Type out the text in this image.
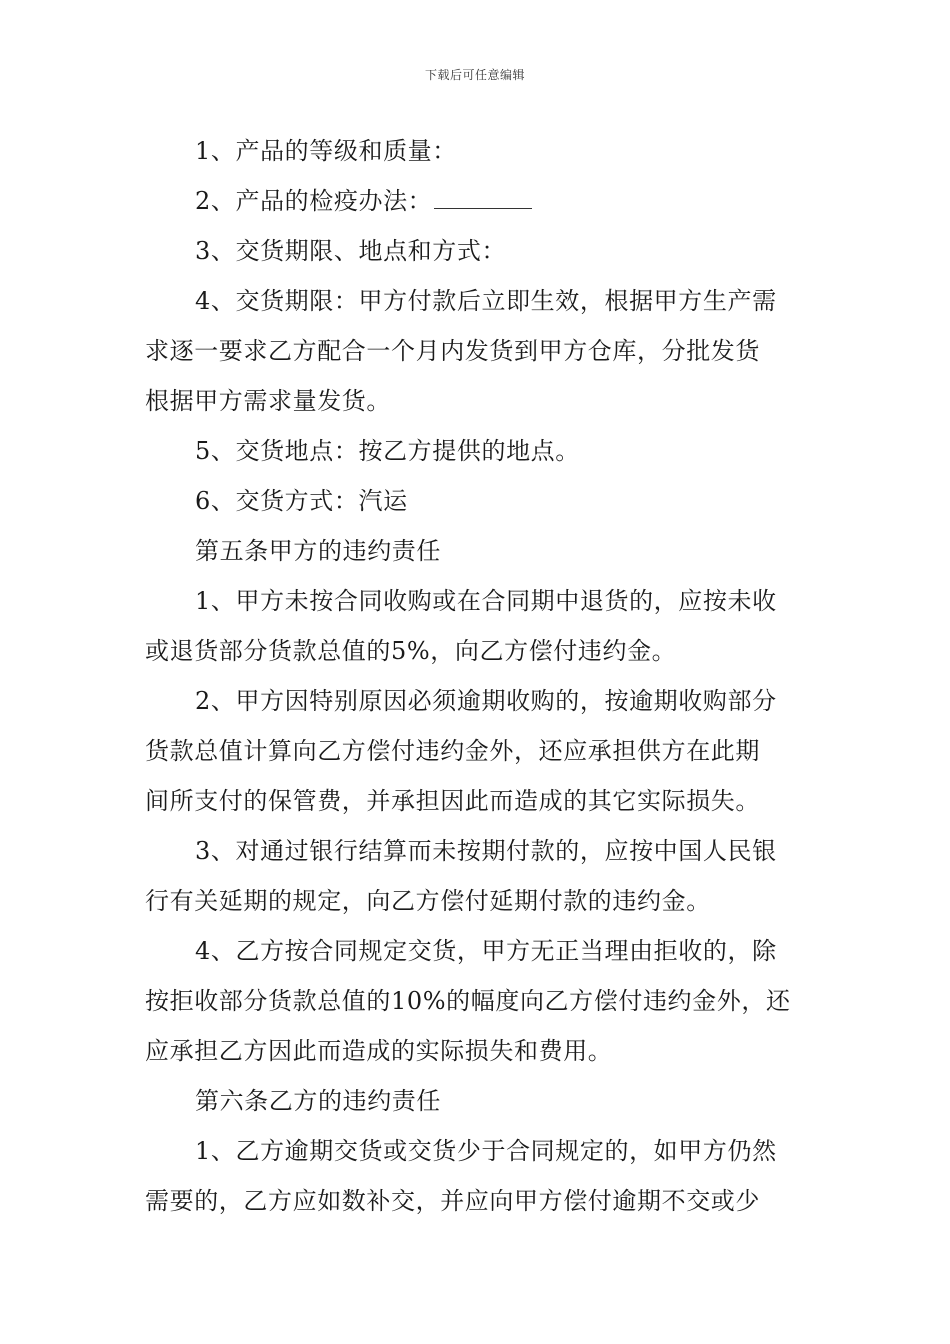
下载后可任意编辑
1、产品的等级和质量：
2、产品的检疫办法：
3、交货期限、地点和方式：
4、交货期限：甲方付款后立即生效，根据甲方生产需
求逐一要求乙方配合一个月内发货到甲方仓库，分批发货
根据甲方需求量发货。
5、交货地点：按乙方提供的地点。
6、交货方式：汽运
第五条甲方的违约责任
1、甲方未按合同收购或在合同期中退货的，应按未收
或退货部分货款总值的5%，向乙方偿付违约金。
2、甲方因特别原因必须逾期收购的，按逾期收购部分
货款总值计算向乙方偿付违约金外，还应承担供方在此期
间所支付的保管费，并承担因此而造成的其它实际损失。
3、对通过银行结算而未按期付款的，应按中国人民银
行有关延期的规定，向乙方偿付延期付款的违约金。
4、乙方按合同规定交货，甲方无正当理由拒收的，除
按拒收部分货款总值的10%的幅度向乙方偿付违约金外，还
应承担乙方因此而造成的实际损失和费用。
第六条乙方的违约责任
1、乙方逾期交货或交货少于合同规定的，如甲方仍然
需要的，乙方应如数补交，并应向甲方偿付逾期不交或少
